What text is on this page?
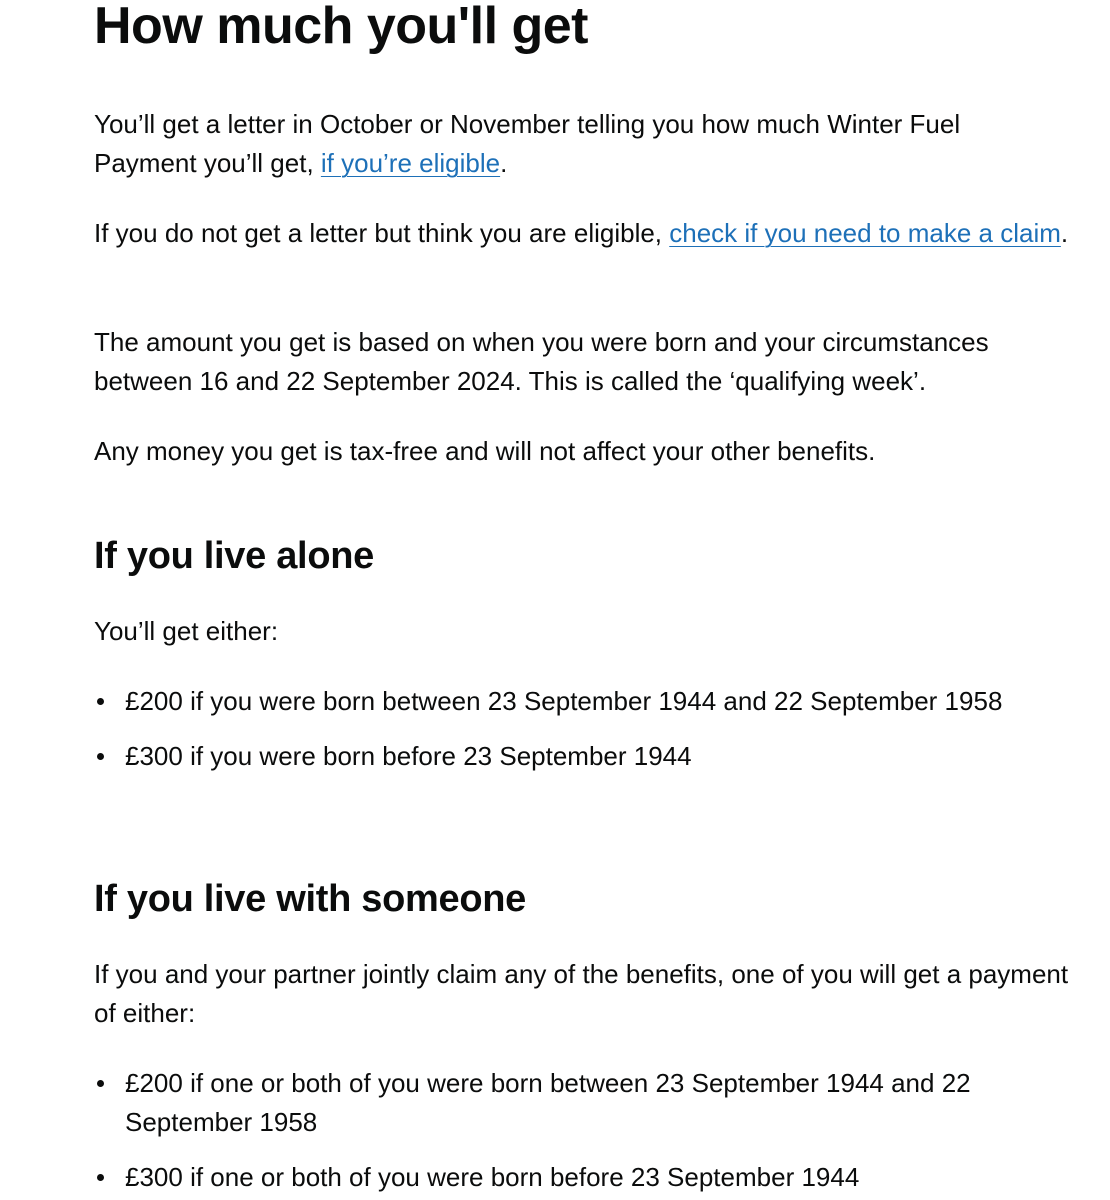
How much you'll get

You’ll get a letter in October or November telling you how much Winter Fuel Payment you’ll get, if you’re eligible.

If you do not get a letter but think you are eligible, check if you need to make a claim.

The amount you get is based on when you were born and your circumstances between 16 and 22 September 2024. This is called the ‘qualifying week’.

Any money you get is tax-free and will not affect your other benefits.

If you live alone

You’ll get either:

£200 if you were born between 23 September 1944 and 22 September 1958
£300 if you were born before 23 September 1944
If you live with someone

If you and your partner jointly claim any of the benefits, one of you will get a payment of either:

£200 if one or both of you were born between 23 September 1944 and 22 September 1958
£300 if one or both of you were born before 23 September 1944
